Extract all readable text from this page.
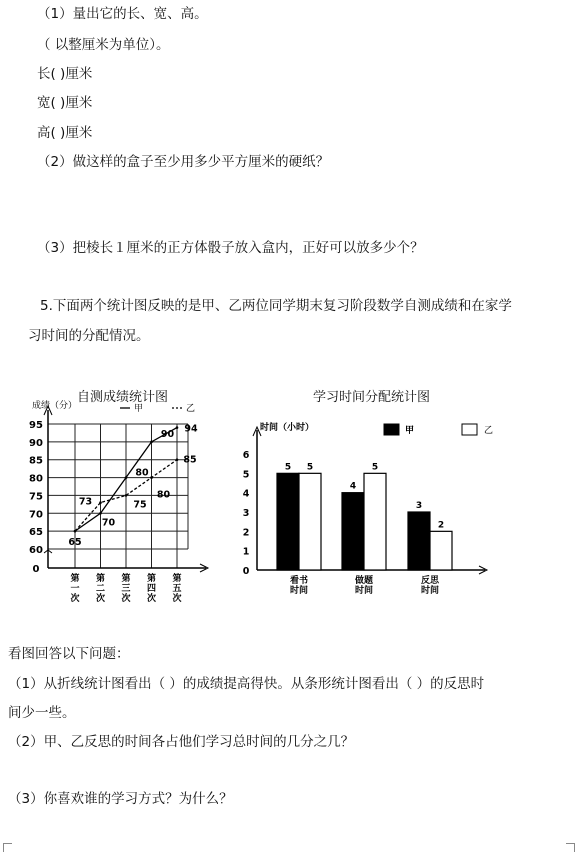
（1）量出它的长、宽、高。
（ 以整厘米为单位）。
长( )厘米
宽( )厘米
高( )厘米
（2）做这样的盒子至少用多少平方厘米的硬纸？
（3）把棱长１厘米的正方体骰子放入盒内，正好可以放多少个？
5.下面两个统计图反映的是甲、乙两位同学期末复习阶段数学自测成绩和在家学
习时间的分配情况。
自测成绩统计图	学习时间分配统计图
成绩（分）
95
90
85
80
75
70
65
60
0
第
一
次
第
二
次
第
三
次
第
四
次
第
五
次
65
70
80
90 94
73	75
80
85
甲	乙
时间（小时）
6
5
4
3
2
1
0
5 5
看书
时间
4
5
做题
时间
3
2
反思
时间
甲	乙
看图回答以下问题：
（1）从折线统计图看出（ ）的成绩提高得快。从条形统计图看出（ ）的反思时
间少一些。
（2）甲、乙反思的时间各占他们学习总时间的几分之几？
（3）你喜欢谁的学习方式？为什么？
